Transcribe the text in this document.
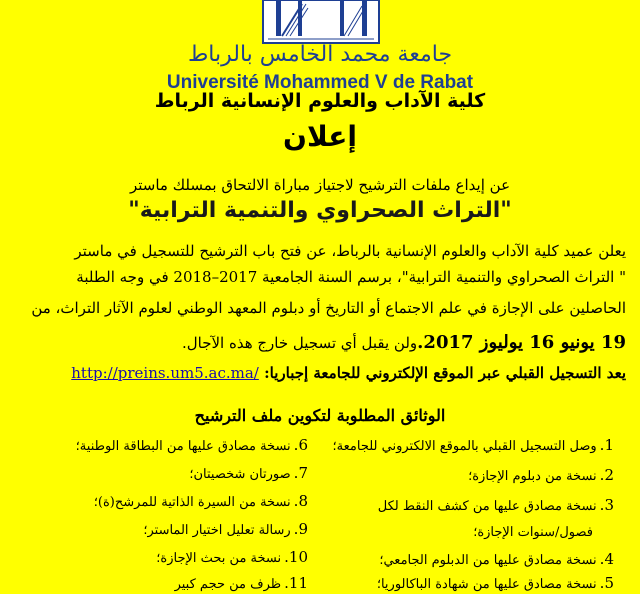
جامعة محمد الخامس بالرباط
Université Mohammed V de Rabat
كلية الآداب والعلوم الإنسانية الرباط
إعلان
عن إيداع ملفات الترشيح لاجتياز مباراة الالتحاق بمسلك ماستر
"التراث الصحراوي والتنمية الترابية"
يعلن عميد كلية الآداب والعلوم الإنسانية بالرباط، عن فتح باب الترشيح للتسجيل في ماستر
" التراث الصحراوي والتنمية الترابية"، برسم السنة الجامعية 2017–2018 في وجه الطلبة
الحاصلين على الإجازة في علم الاجتماع أو التاريخ أو دبلوم المعهد الوطني لعلوم الآثار التراث، من
19 يونيو 16 يوليوز 2017.ولن يقبل أي تسجيل خارج هذه الآجال.
يعد التسجيل القبلي عبر الموقع الإلكتروني للجامعة إجباريا: http://preins.um5.ac.ma/
الوثائق المطلوبة لتكوين ملف الترشيح
1.وصل التسجيل القبلي بالموقع الالكتروني للجامعة؛
2.نسخة من دبلوم الإجازة؛
3.نسخة مصادق عليها من كشف النقط لكل
فصول/سنوات الإجازة؛
4.نسخة مصادق عليها من الدبلوم الجامعي؛
5.نسخة مصادق عليها من شهادة الباكالوريا؛
6.نسخة مصادق عليها من البطاقة الوطنية؛
7.صورتان شخصيتان؛
8.نسخة من السيرة الذاتية للمرشح(ة)؛
9.رسالة تعليل اختيار الماستر؛
10.نسخة من بحث الإجازة؛
11.ظرف من حجم كبير
